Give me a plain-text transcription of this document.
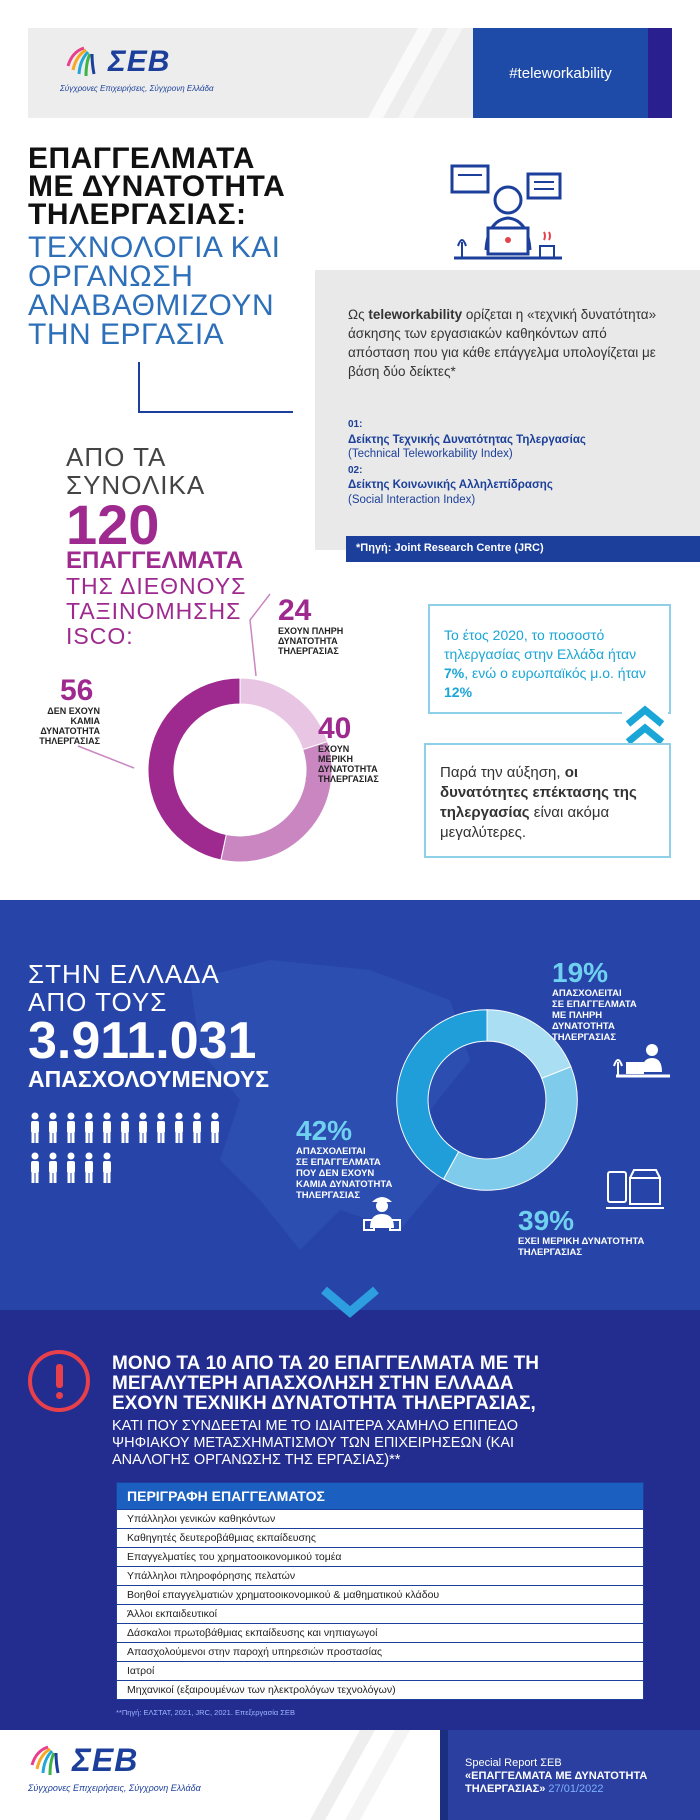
ΣΕΒ
Σύγχρονες Επιχειρήσεις, Σύγχρονη Ελλάδα
#teleworkability
ΕΠΑΓΓΕΛΜΑΤΑ
ΜΕ ΔΥΝΑΤΟΤΗΤΑ
ΤΗΛΕΡΓΑΣΙΑΣ:
ΤΕΧΝΟΛΟΓΙΑ ΚΑΙ
ΟΡΓΑΝΩΣΗ
ΑΝΑΒΑΘΜΙΖΟΥΝ
ΤΗΝ ΕΡΓΑΣΙΑ
Ως teleworkability ορίζεται η «τεχνική δυνατότητα» άσκησης των εργασιακών καθηκόντων από απόσταση που για κάθε επάγγελμα υπολογίζεται με βάση δύο δείκτες*
01:
Δείκτης Τεχνικής Δυνατότητας Τηλεργασίας
(Technical Teleworkability Index)
02:
Δείκτης Κοινωνικής Αλληλεπίδρασης
(Social Interaction Index)
*Πηγή: Joint Research Centre (JRC)
ΑΠΟ ΤΑ
ΣΥΝΟΛΙΚΑ
120
ΕΠΑΓΓΕΛΜΑΤΑ
ΤΗΣ ΔΙΕΘΝΟΥΣ
ΤΑΞΙΝΟΜΗΣΗΣ
ISCO:
24
ΕΧΟΥΝ ΠΛΗΡΗ
ΔΥΝΑΤΟΤΗΤΑ
ΤΗΛΕΡΓΑΣΙΑΣ
40
ΕΧΟΥΝ
ΜΕΡΙΚΗ
ΔΥΝΑΤΟΤΗΤΑ
ΤΗΛΕΡΓΑΣΙΑΣ
56
ΔΕΝ ΕΧΟΥΝ
ΚΑΜΙΑ
ΔΥΝΑΤΟΤΗΤΑ
ΤΗΛΕΡΓΑΣΙΑΣ
Το έτος 2020, το ποσοστό τηλεργασίας στην Ελλάδα ήταν 7%, ενώ ο ευρωπαϊκός μ.ο. ήταν 12%
Παρά την αύξηση, οι δυνατότητες επέκτασης της τηλεργασίας είναι ακόμα μεγαλύτερες.
ΣΤΗΝ ΕΛΛΑΔΑ
ΑΠΟ ΤΟΥΣ
3.911.031
ΑΠΑΣΧΟΛΟΥΜΕΝΟΥΣ
19%
ΑΠΑΣΧΟΛΕΙΤΑΙ
ΣΕ ΕΠΑΓΓΕΛΜΑΤΑ
ΜΕ ΠΛΗΡΗ
ΔΥΝΑΤΟΤΗΤΑ
ΤΗΛΕΡΓΑΣΙΑΣ
42%
ΑΠΑΣΧΟΛΕΙΤΑΙ
ΣΕ ΕΠΑΓΓΕΛΜΑΤΑ
ΠΟΥ ΔΕΝ ΕΧΟΥΝ
ΚΑΜΙΑ ΔΥΝΑΤΟΤΗΤΑ
ΤΗΛΕΡΓΑΣΙΑΣ
39%
ΕΧΕΙ ΜΕΡΙΚΗ ΔΥΝΑΤΟΤΗΤΑ
ΤΗΛΕΡΓΑΣΙΑΣ
ΜΟΝΟ ΤΑ 10 ΑΠΟ ΤΑ 20 ΕΠΑΓΓΕΛΜΑΤΑ ΜΕ ΤΗ
ΜΕΓΑΛΥΤΕΡΗ ΑΠΑΣΧΟΛΗΣΗ ΣΤΗΝ ΕΛΛΑΔΑ
ΕΧΟΥΝ ΤΕΧΝΙΚΗ ΔΥΝΑΤΟΤΗΤΑ ΤΗΛΕΡΓΑΣΙΑΣ,
ΚΑΤΙ ΠΟΥ ΣΥΝΔΕΕΤΑΙ ΜΕ ΤΟ ΙΔΙΑΙΤΕΡΑ ΧΑΜΗΛΟ ΕΠΙΠΕΔΟ
ΨΗΦΙΑΚΟΥ ΜΕΤΑΣΧΗΜΑΤΙΣΜΟΥ ΤΩΝ ΕΠΙΧΕΙΡΗΣΕΩΝ (ΚΑΙ
ΑΝΑΛΟΓΗΣ ΟΡΓΑΝΩΣΗΣ ΤΗΣ ΕΡΓΑΣΙΑΣ)**
ΠΕΡΙΓΡΑΦΗ ΕΠΑΓΓΕΛΜΑΤΟΣ
Υπάλληλοι γενικών καθηκόντων
Καθηγητές δευτεροβάθμιας εκπαίδευσης
Επαγγελματίες του χρηματοοικονομικού τομέα
Υπάλληλοι πληροφόρησης πελατών
Βοηθοί επαγγελματιών χρηματοοικονομικού & μαθηματικού κλάδου
Άλλοι εκπαιδευτικοί
Δάσκαλοι πρωτοβάθμιας εκπαίδευσης και νηπιαγωγοί
Απασχολούμενοι στην παροχή υπηρεσιών προστασίας
Ιατροί
Μηχανικοί (εξαιρουμένων των ηλεκτρολόγων τεχνολόγων)
**Πηγή: ΕΛΣΤΑΤ, 2021, JRC, 2021. Επεξεργασία ΣΕΒ
ΣΕΒ
Σύγχρονες Επιχειρήσεις, Σύγχρονη Ελλάδα
Special Report ΣΕΒ
«ΕΠΑΓΓΕΛΜΑΤΑ ΜΕ ΔΥΝΑΤΟΤΗΤΑ
ΤΗΛΕΡΓΑΣΙΑΣ» 27/01/2022
